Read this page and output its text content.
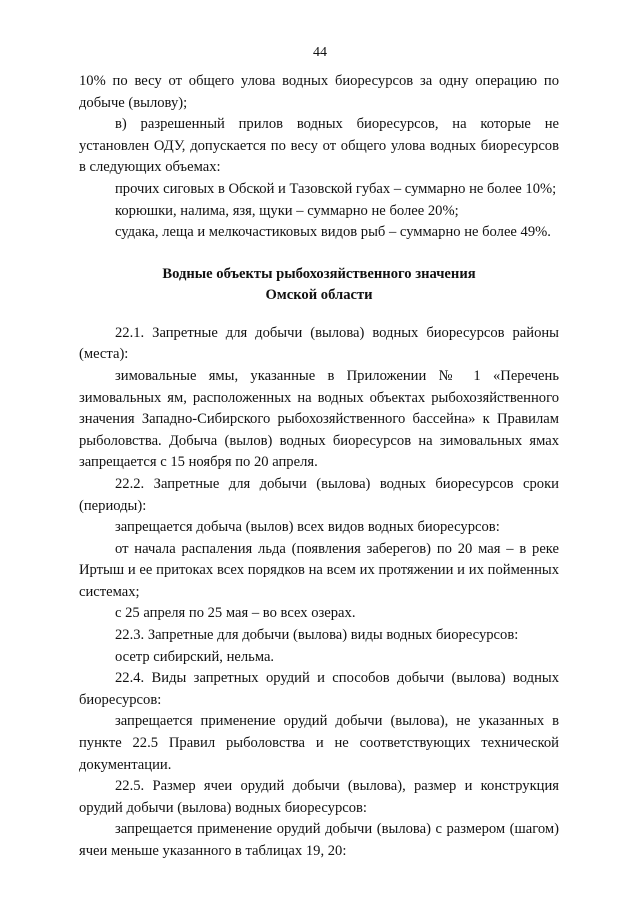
44

10% по весу от общего улова водных биоресурсов за одну операцию по добыче (вылову);

в) разрешенный прилов водных биоресурсов, на которые не установлен ОДУ, допускается по весу от общего улова водных биоресурсов в следующих объемах:

прочих сиговых в Обской и Тазовской губах – суммарно не более 10%;

корюшки, налима, язя, щуки – суммарно не более 20%;

судака, леща и мелкочастиковых видов рыб – суммарно не более 49%.

Водные объекты рыбохозяйственного значения
Омской области

22.1. Запретные для добычи (вылова) водных биоресурсов районы (места):

зимовальные ямы, указанные в Приложении № 1 «Перечень зимовальных ям, расположенных на водных объектах рыбохозяйственного значения Западно-Сибирского рыбохозяйственного бассейна» к Правилам рыболовства. Добыча (вылов) водных биоресурсов на зимовальных ямах запрещается с 15 ноября по 20 апреля.

22.2. Запретные для добычи (вылова) водных биоресурсов сроки (периоды):

запрещается добыча (вылов) всех видов водных биоресурсов:

от начала распаления льда (появления заберегов) по 20 мая – в реке Иртыш и ее притоках всех порядков на всем их протяжении и их пойменных системах;

с 25 апреля по 25 мая – во всех озерах.

22.3. Запретные для добычи (вылова) виды водных биоресурсов:

осетр сибирский, нельма.

22.4. Виды запретных орудий и способов добычи (вылова) водных биоресурсов:

запрещается применение орудий добычи (вылова), не указанных в пункте 22.5 Правил рыболовства и не соответствующих технической документации.

22.5. Размер ячеи орудий добычи (вылова), размер и конструкция орудий добычи (вылова) водных биоресурсов:

запрещается применение орудий добычи (вылова) с размером (шагом) ячеи меньше указанного в таблицах 19, 20:
